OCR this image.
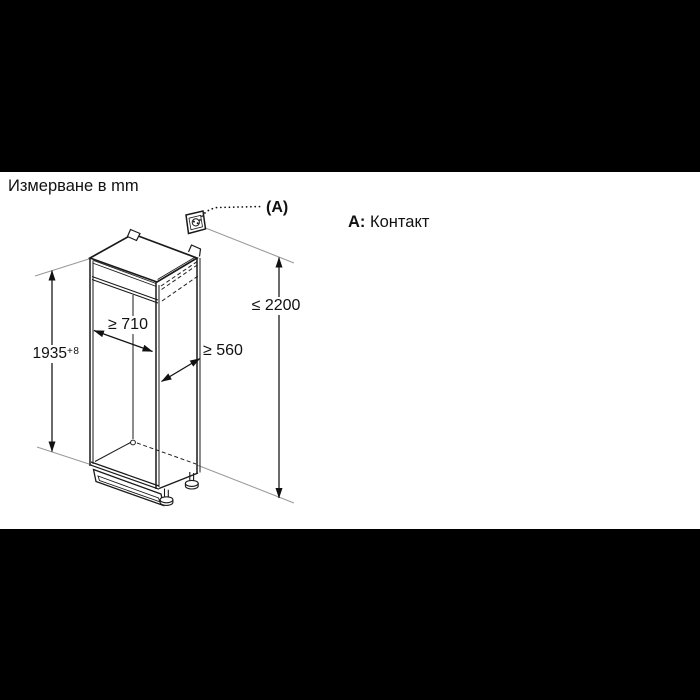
Измерване в mm
А: Контакт
(A)
≤ 2200
$1935^{+8}$
≥ 710
≥ 560
